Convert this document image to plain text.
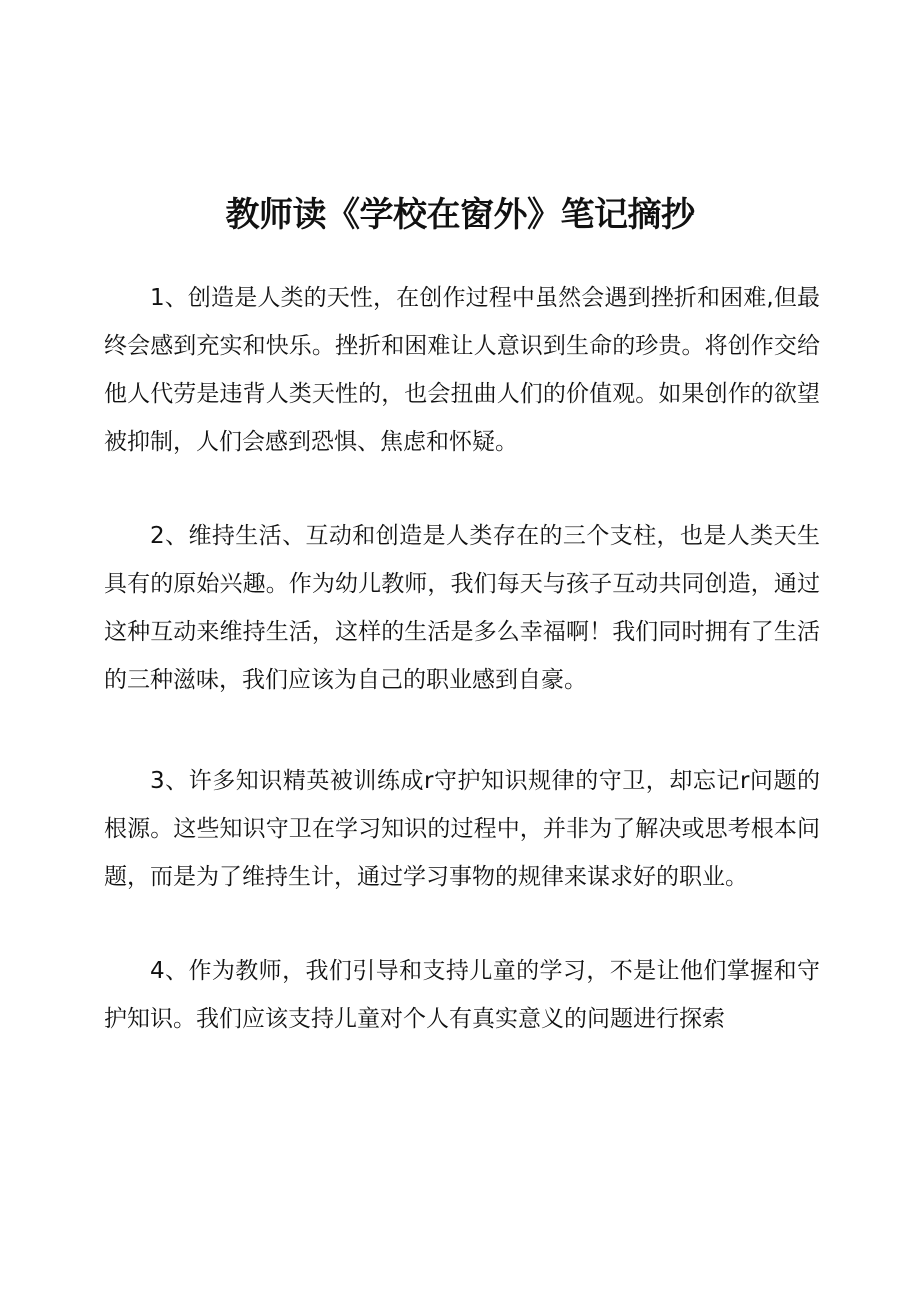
教师读《学校在窗外》笔记摘抄

1、创造是人类的天性，在创作过程中虽然会遇到挫折和困难,但最终会感到充实和快乐。挫折和困难让人意识到生命的珍贵。将创作交给他人代劳是违背人类天性的，也会扭曲人们的价值观。如果创作的欲望被抑制，人们会感到恐惧、焦虑和怀疑。

2、维持生活、互动和创造是人类存在的三个支柱，也是人类天生具有的原始兴趣。作为幼儿教师，我们每天与孩子互动共同创造，通过这种互动来维持生活，这样的生活是多么幸福啊！我们同时拥有了生活的三种滋味，我们应该为自己的职业感到自豪。

3、许多知识精英被训练成r守护知识规律的守卫，却忘记r问题的根源。这些知识守卫在学习知识的过程中，并非为了解决或思考根本问题，而是为了维持生计，通过学习事物的规律来谋求好的职业。

4、作为教师，我们引导和支持儿童的学习，不是让他们掌握和守护知识。我们应该支持儿童对个人有真实意义的问题进行探索
